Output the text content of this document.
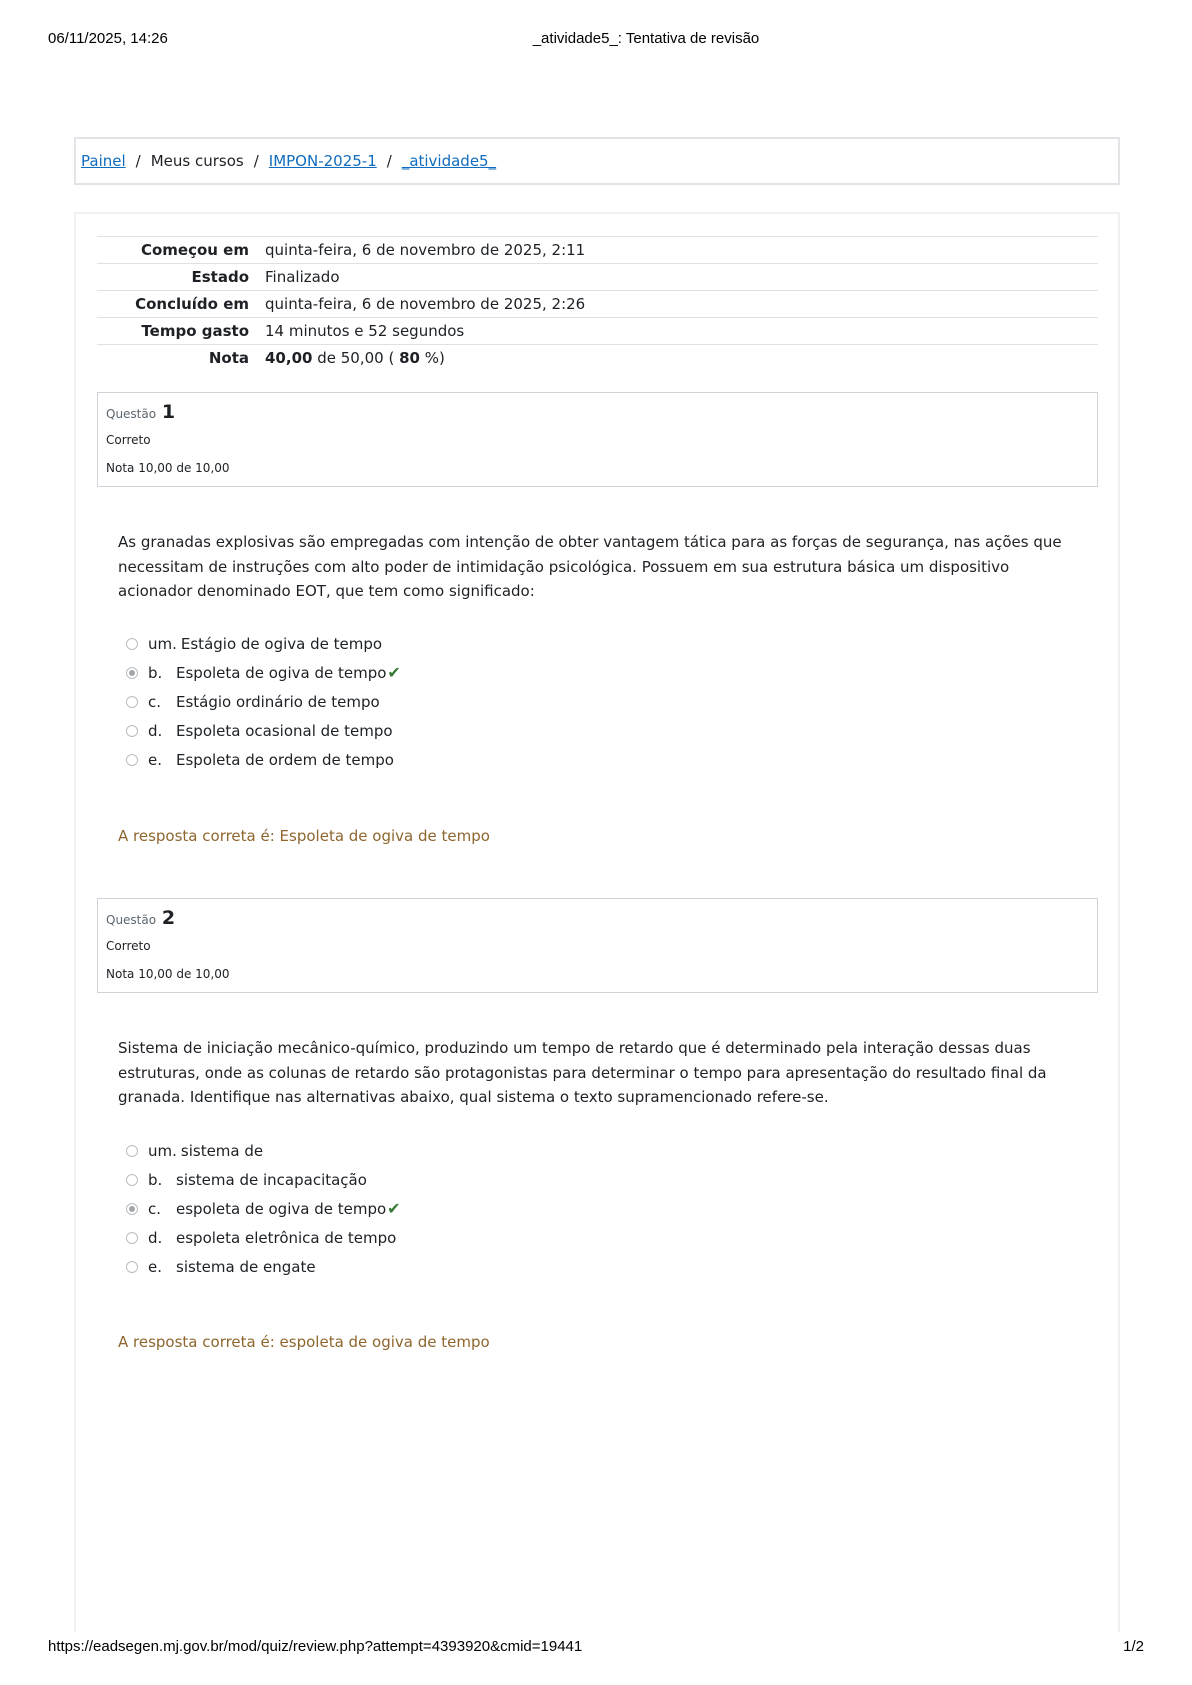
06/11/2025, 14:26	_atividade5_: Tentativa de revisão
Painel / Meus cursos / IMPON-2025-1 / _atividade5_
Começou em	quinta-feira, 6 de novembro de 2025, 2:11
Estado	Finalizado
Concluído em	quinta-feira, 6 de novembro de 2025, 2:26
Tempo gasto	14 minutos e 52 segundos
Nota	40,00 de 50,00 ( 80 %)
Questão 1
Correto
Nota 10,00 de 10,00
As granadas explosivas são empregadas com intenção de obter vantagem tática para as forças de segurança, nas ações que necessitam de instruções com alto poder de intimidação psicológica. Possuem em sua estrutura básica um dispositivo acionador denominado EOT, que tem como significado:
um. Estágio de ogiva de tempo
b. Espoleta de ogiva de tempo ✔
c. Estágio ordinário de tempo
d. Espoleta ocasional de tempo
e. Espoleta de ordem de tempo
A resposta correta é: Espoleta de ogiva de tempo
Questão 2
Correto
Nota 10,00 de 10,00
Sistema de iniciação mecânico-químico, produzindo um tempo de retardo que é determinado pela interação dessas duas estruturas, onde as colunas de retardo são protagonistas para determinar o tempo para apresentação do resultado final da granada. Identifique nas alternativas abaixo, qual sistema o texto supramencionado refere-se.
um. sistema de
b. sistema de incapacitação
c. espoleta de ogiva de tempo ✔
d. espoleta eletrônica de tempo
e. sistema de engate
A resposta correta é: espoleta de ogiva de tempo
https://eadsegen.mj.gov.br/mod/quiz/review.php?attempt=4393920&cmid=19441	1/2
